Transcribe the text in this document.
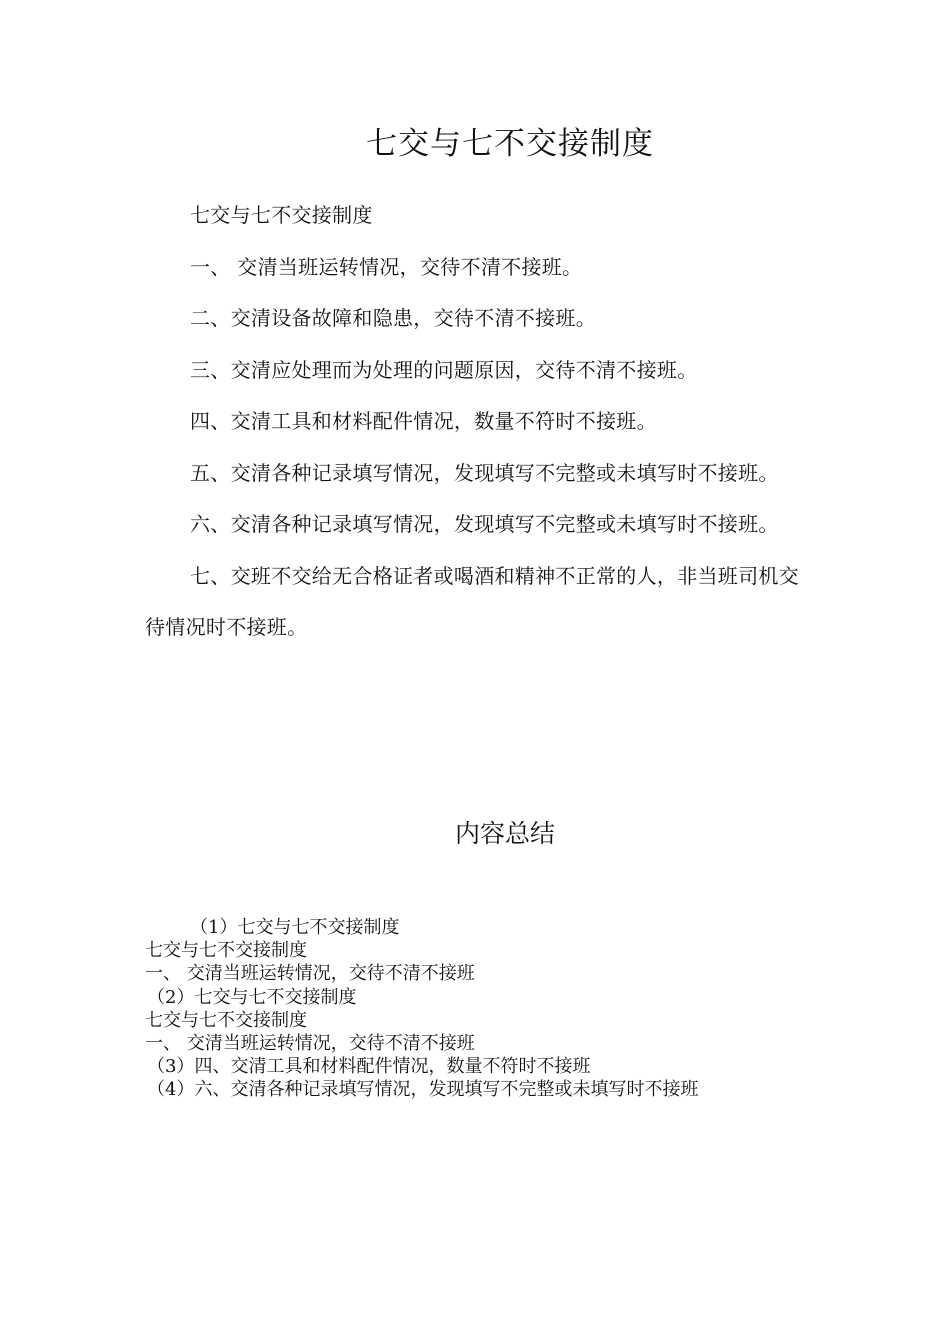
七交与七不交接制度

七交与七不交接制度

一、 交清当班运转情况，交待不清不接班。

二、交清设备故障和隐患，交待不清不接班。

三、交清应处理而为处理的问题原因，交待不清不接班。

四、交清工具和材料配件情况，数量不符时不接班。

五、交清各种记录填写情况，发现填写不完整或未填写时不接班。

六、交清各种记录填写情况，发现填写不完整或未填写时不接班。

七、交班不交给无合格证者或喝酒和精神不正常的人，非当班司机交待情况时不接班。

内容总结
（1）七交与七不交接制度
七交与七不交接制度
一、 交清当班运转情况，交待不清不接班
（2）七交与七不交接制度
七交与七不交接制度
一、 交清当班运转情况，交待不清不接班
（3）四、交清工具和材料配件情况，数量不符时不接班
（4）六、交清各种记录填写情况，发现填写不完整或未填写时不接班
